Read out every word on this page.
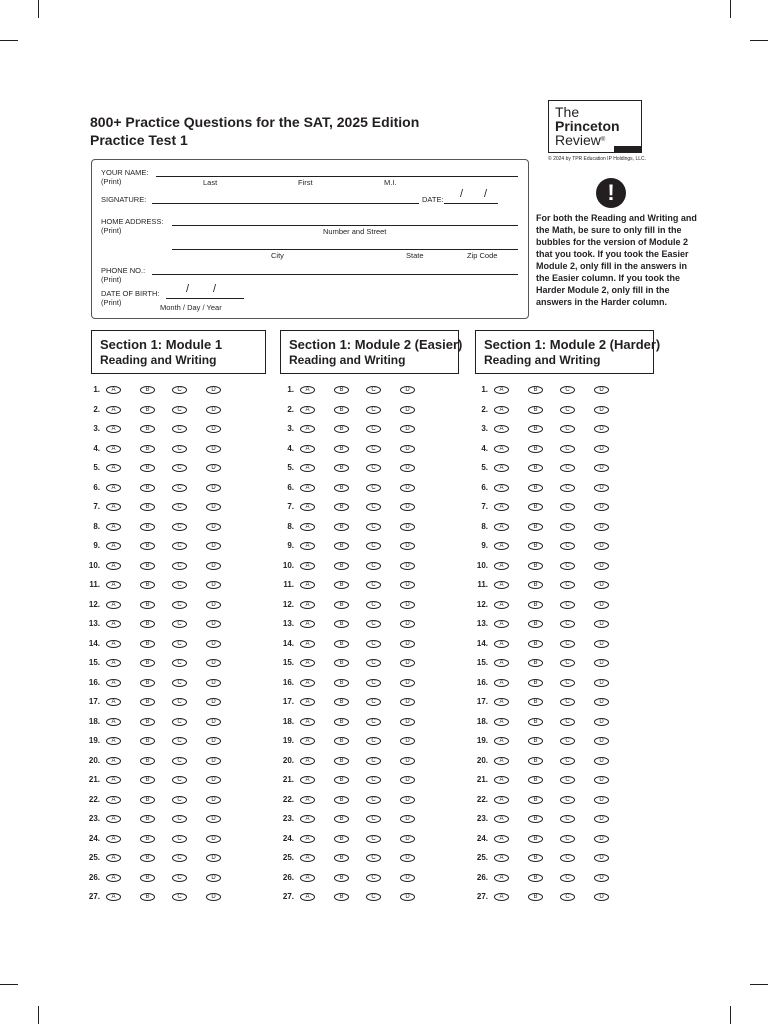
800+ Practice Questions for the SAT, 2025 Edition
Practice Test 1
The
Princeton
Review®
© 2024 by TPR Education IP Holdings, LLC.
YOUR NAME:
(Print)	Last	First	M.I.
SIGNATURE:	DATE: / /
HOME ADDRESS:
(Print)	Number and Street
City	State	Zip Code
PHONE NO.:
(Print)
DATE OF BIRTH:
(Print)
/ /
Month / Day / Year
!
For both the Reading and Writing and the Math, be sure to only fill in the bubbles for the version of Module 2 that you took. If you took the Easier Module 2, only fill in the answers in the Easier column. If you took the Harder Module 2, only fill in the answers in the Harder column.
Section 1: Module 1
Reading and Writing
Section 1: Module 2 (Easier)
Reading and Writing
Section 1: Module 2 (Harder)
Reading and Writing
1.	A	B	C	D
2.	A	B	C	D
3.	A	B	C	D
4.	A	B	C	D
5.	A	B	C	D
6.	A	B	C	D
7.	A	B	C	D
8.	A	B	C	D
9.	A	B	C	D
10.	A	B	C	D
11.	A	B	C	D
12.	A	B	C	D
13.	A	B	C	D
14.	A	B	C	D
15.	A	B	C	D
16.	A	B	C	D
17.	A	B	C	D
18.	A	B	C	D
19.	A	B	C	D
20.	A	B	C	D
21.	A	B	C	D
22.	A	B	C	D
23.	A	B	C	D
24.	A	B	C	D
25.	A	B	C	D
26.	A	B	C	D
27.	A	B	C	D
1.	A	B	C	D
2.	A	B	C	D
3.	A	B	C	D
4.	A	B	C	D
5.	A	B	C	D
6.	A	B	C	D
7.	A	B	C	D
8.	A	B	C	D
9.	A	B	C	D
10.	A	B	C	D
11.	A	B	C	D
12.	A	B	C	D
13.	A	B	C	D
14.	A	B	C	D
15.	A	B	C	D
16.	A	B	C	D
17.	A	B	C	D
18.	A	B	C	D
19.	A	B	C	D
20.	A	B	C	D
21.	A	B	C	D
22.	A	B	C	D
23.	A	B	C	D
24.	A	B	C	D
25.	A	B	C	D
26.	A	B	C	D
27.	A	B	C	D
1.	A	B	C	D
2.	A	B	C	D
3.	A	B	C	D
4.	A	B	C	D
5.	A	B	C	D
6.	A	B	C	D
7.	A	B	C	D
8.	A	B	C	D
9.	A	B	C	D
10.	A	B	C	D
11.	A	B	C	D
12.	A	B	C	D
13.	A	B	C	D
14.	A	B	C	D
15.	A	B	C	D
16.	A	B	C	D
17.	A	B	C	D
18.	A	B	C	D
19.	A	B	C	D
20.	A	B	C	D
21.	A	B	C	D
22.	A	B	C	D
23.	A	B	C	D
24.	A	B	C	D
25.	A	B	C	D
26.	A	B	C	D
27.	A	B	C	D
